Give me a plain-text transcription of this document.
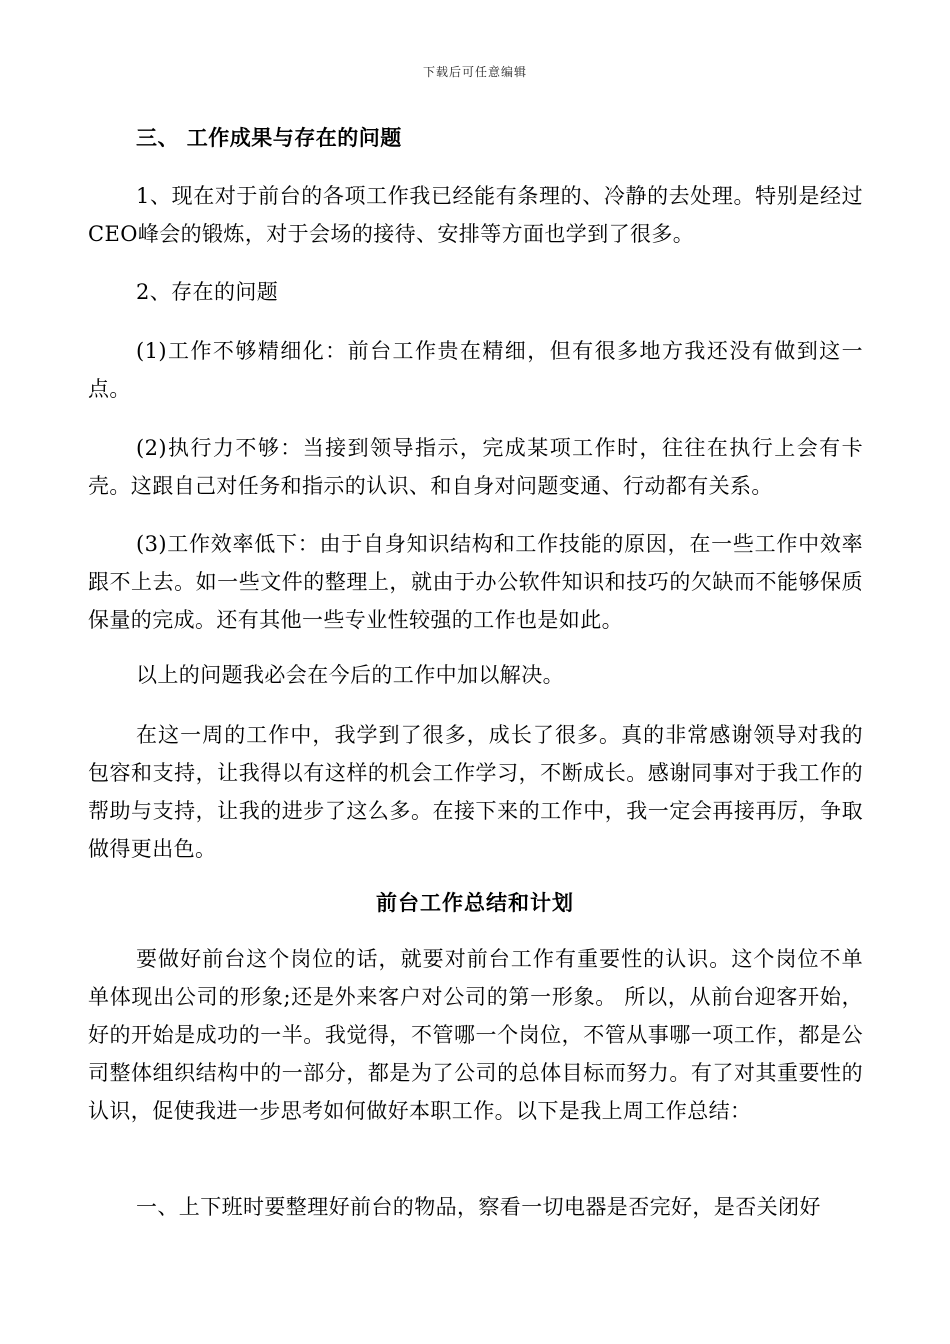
下载后可任意编辑
三、 工作成果与存在的问题

1、现在对于前台的各项工作我已经能有条理的、冷静的去处理。特别是经过CEO峰会的锻炼，对于会场的接待、安排等方面也学到了很多。

2、存在的问题

(1)工作不够精细化：前台工作贵在精细，但有很多地方我还没有做到这一点。

(2)执行力不够：当接到领导指示，完成某项工作时，往往在执行上会有卡壳。这跟自己对任务和指示的认识、和自身对问题变通、行动都有关系。

(3)工作效率低下：由于自身知识结构和工作技能的原因，在一些工作中效率跟不上去。如一些文件的整理上，就由于办公软件知识和技巧的欠缺而不能够保质保量的完成。还有其他一些专业性较强的工作也是如此。

以上的问题我必会在今后的工作中加以解决。

在这一周的工作中，我学到了很多，成长了很多。真的非常感谢领导对我的包容和支持，让我得以有这样的机会工作学习，不断成长。感谢同事对于我工作的帮助与支持，让我的进步了这么多。在接下来的工作中，我一定会再接再厉，争取做得更出色。

前台工作总结和计划

要做好前台这个岗位的话，就要对前台工作有重要性的认识。这个岗位不单单体现出公司的形象;还是外来客户对公司的第一形象。 所以，从前台迎客开始，好的开始是成功的一半。我觉得，不管哪一个岗位，不管从事哪一项工作，都是公司整体组织结构中的一部分，都是为了公司的总体目标而努力。有了对其重要性的认识，促使我进一步思考如何做好本职工作。以下是我上周工作总结：

一、上下班时要整理好前台的物品，察看一切电器是否完好，是否关闭好
